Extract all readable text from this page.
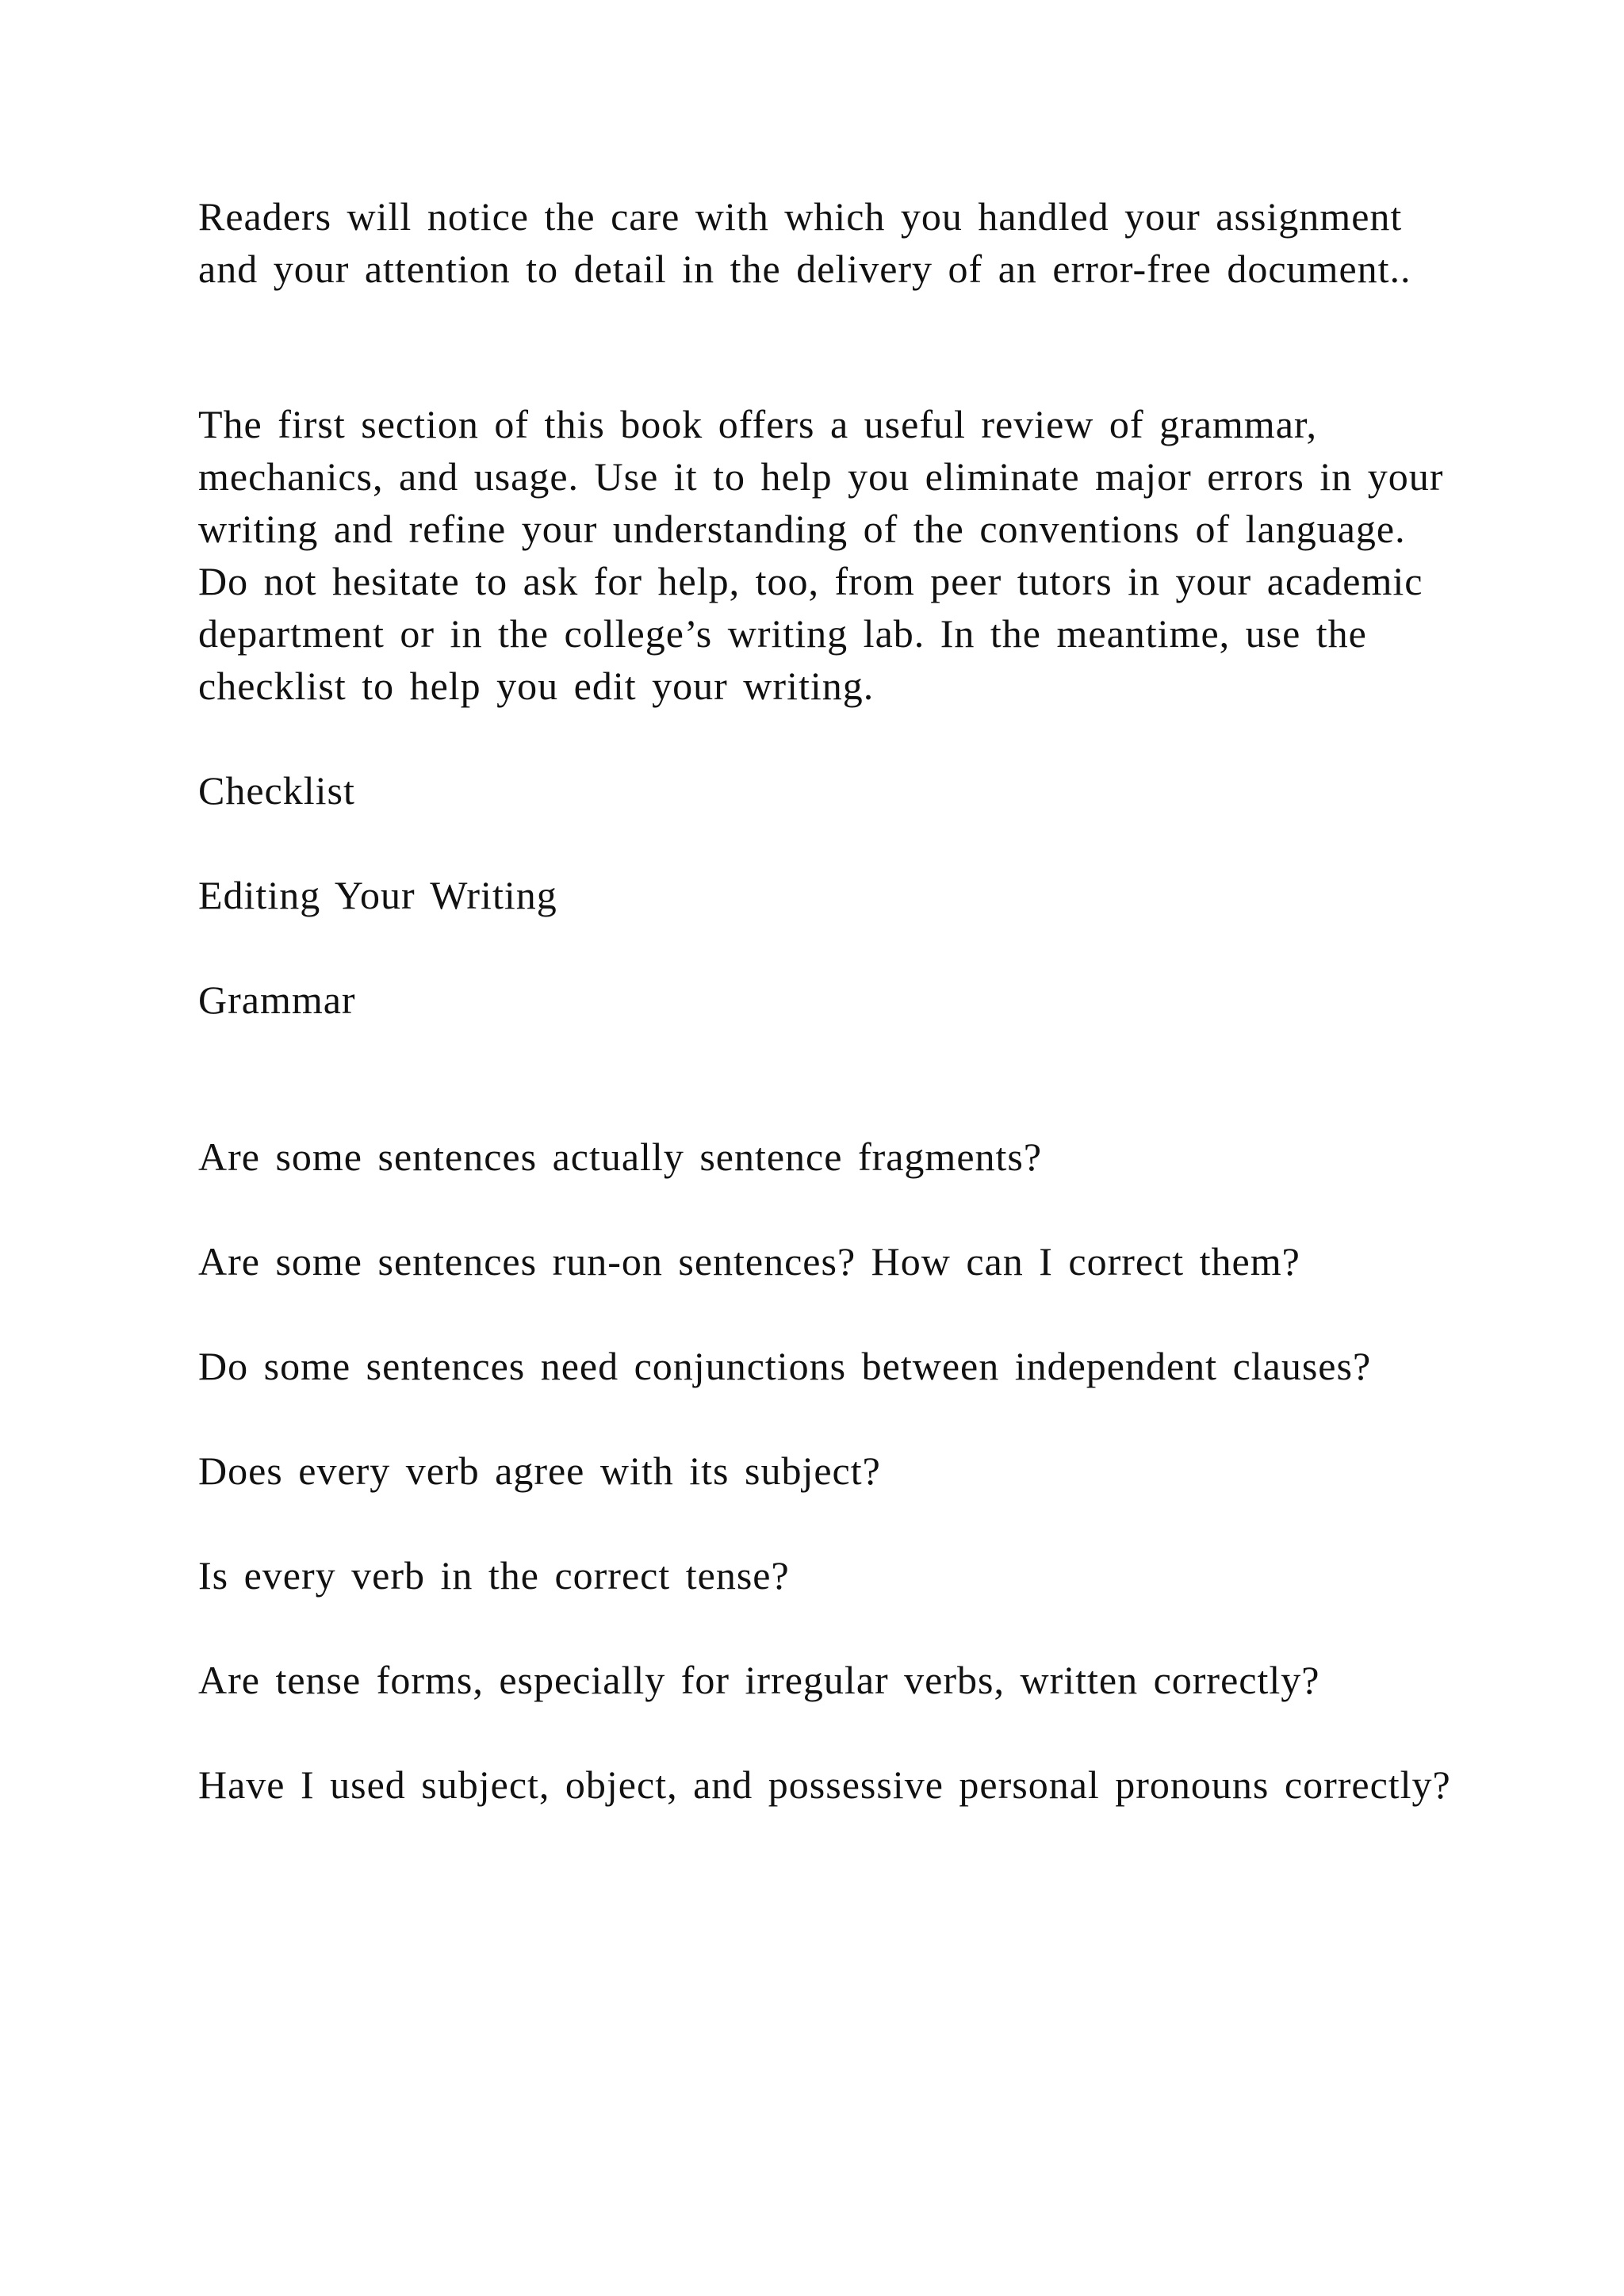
Readers will notice the care with which you handled your assignment and your attention to detail in the delivery of an error-free document..

The first section of this book offers a useful review of grammar, mechanics, and usage. Use it to help you eliminate major errors in your writing and refine your understanding of the conventions of language. Do not hesitate to ask for help, too, from peer tutors in your academic department or in the college’s writing lab. In the meantime, use the checklist to help you edit your writing.

Checklist

Editing Your Writing

Grammar

Are some sentences actually sentence fragments?

Are some sentences run-on sentences? How can I correct them?

Do some sentences need conjunctions between independent clauses?

Does every verb agree with its subject?

Is every verb in the correct tense?

Are tense forms, especially for irregular verbs, written correctly?

Have I used subject, object, and possessive personal pronouns correctly?
